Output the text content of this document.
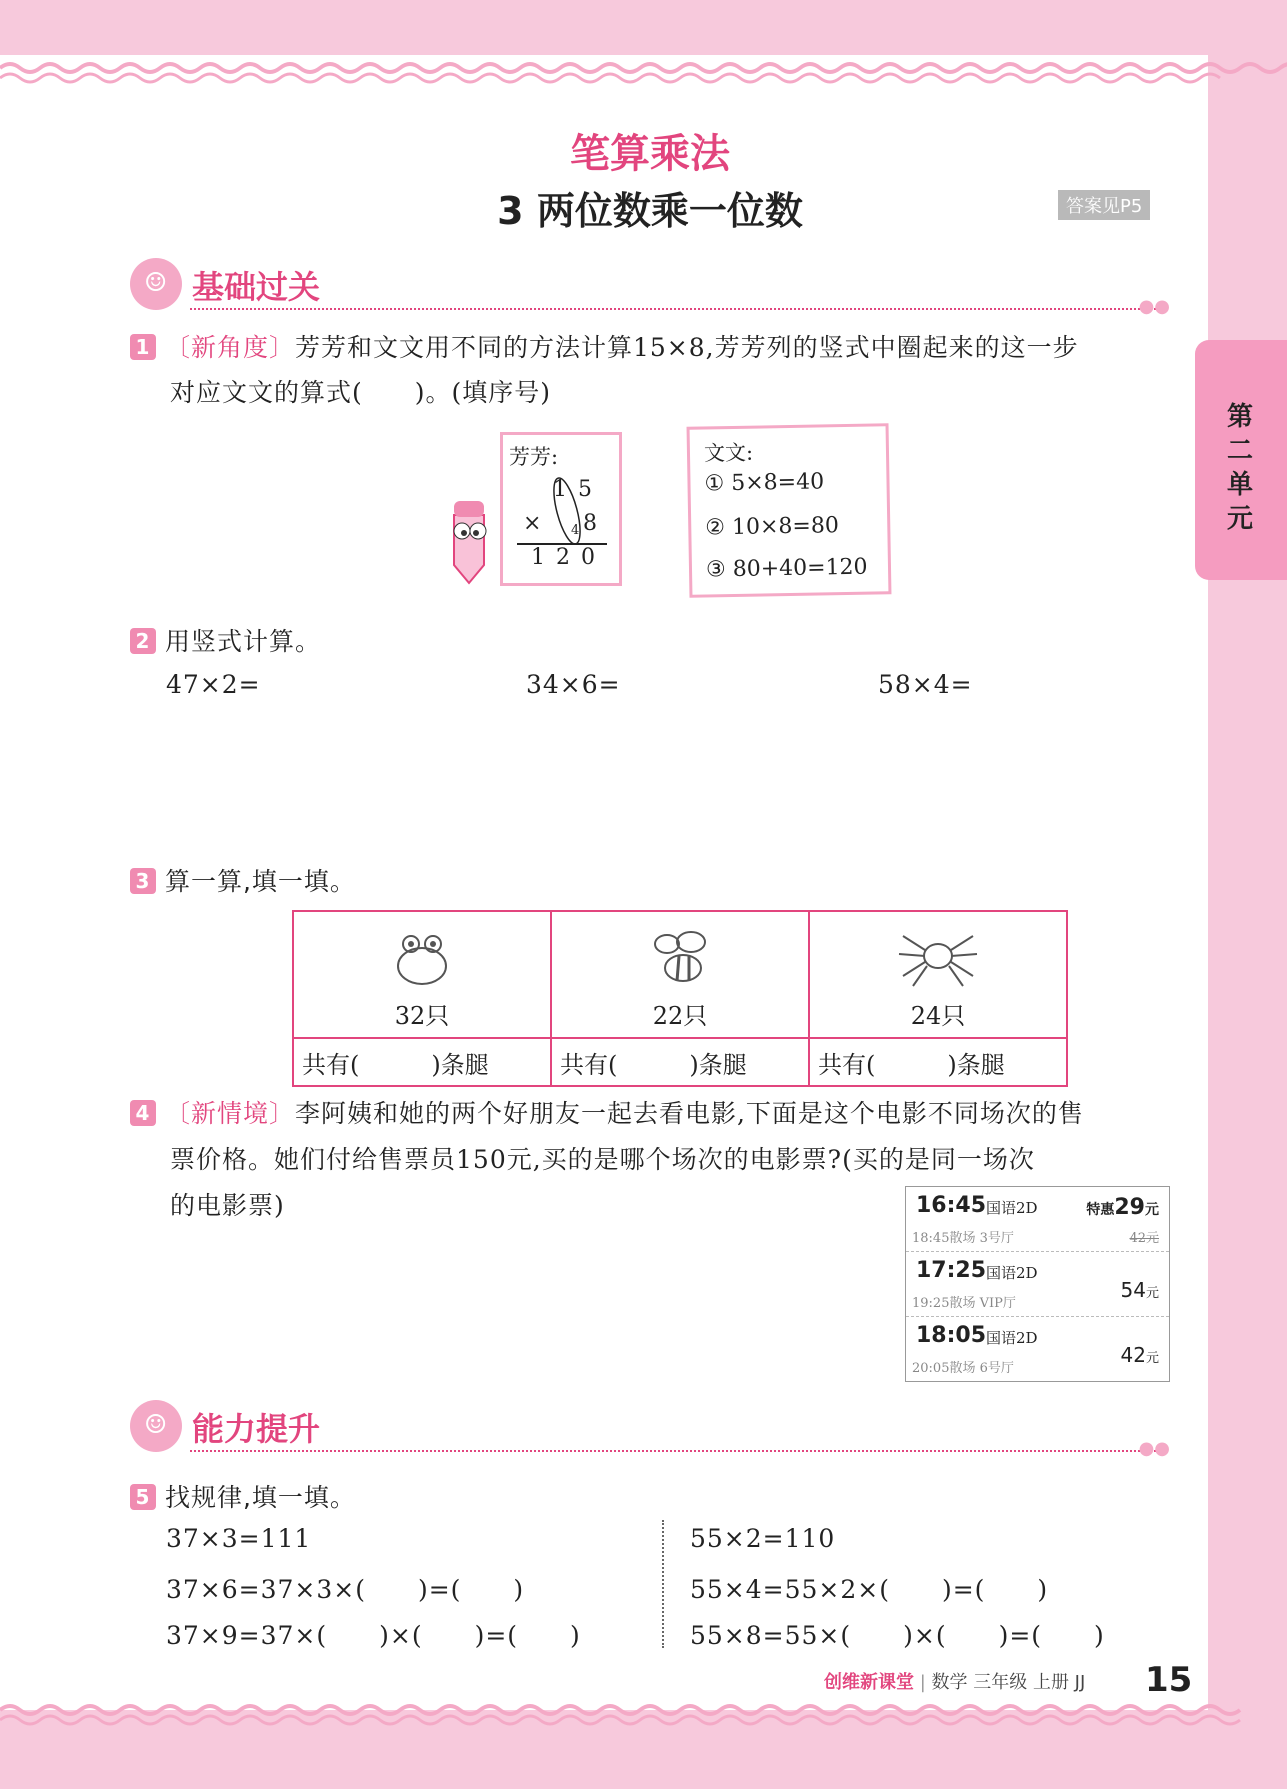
笔算乘法
3 两位数乘一位数	答案见P5
第二单元
☺ 基础过关
●●
1 〔新角度〕芳芳和文文用不同的方法计算15×8,芳芳列的竖式中圈起来的这一步
对应文文的算式(　　)。(填序号)
芳芳:
1 5
× 4 8
1 2 0
文文:
① 5×8=40
② 10×8=80
③ 80+40=120
2 用竖式计算。
47×2=	34×6=	58×4=
3 算一算,填一填。
32只	22只	24只
共有(　　　)条腿	共有(　　　)条腿	共有(　　　)条腿
4 〔新情境〕李阿姨和她的两个好朋友一起去看电影,下面是这个电影不同场次的售
票价格。她们付给售票员150元,买的是哪个场次的电影票?(买的是同一场次
的电影票)	16:45 国语2D
18:45散场 3号厅
特惠29元
42元
17:25 国语2D
19:25散场 VIP厅
54元
18:05 国语2D
20:05散场 6号厅
42元
☺ 能力提升
●●
5 找规律,填一填。
37×3=111
37×6=37×3×(　　)=(　　)
37×9=37×(　　)×(　　)=(　　)
55×2=110
55×4=55×2×(　　)=(　　)
55×8=55×(　　)×(　　)=(　　)
创维新课堂 | 数学 三年级 上册 JJ 15
